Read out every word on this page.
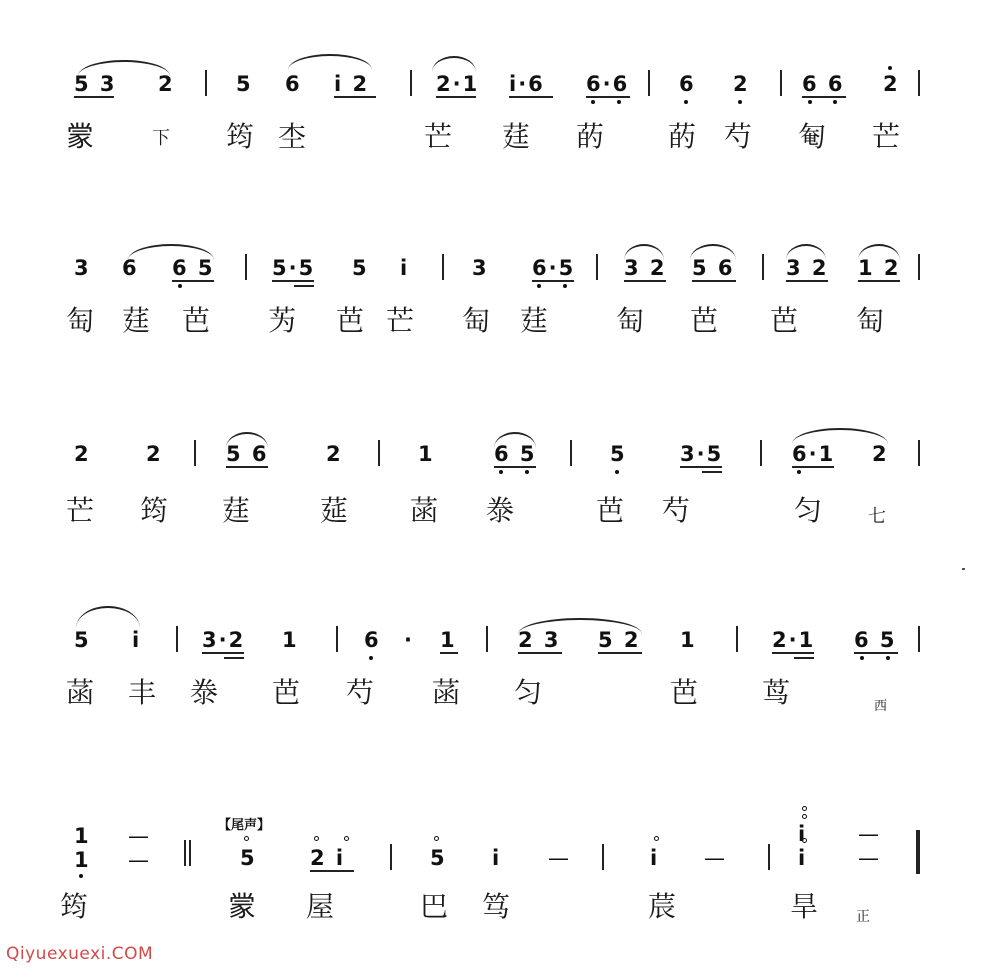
5 3 2	5 6 i 2	2·1 i·6 6·6 6 2 6 6 2
𫎇	下 筠 杢	芒 莛 菂 菂 芍 匎 芒
3 6 6 5	5·5 5 i	3 6·5 3 2 5 6 3 2 1 2
匋 莛 芭 𫇭 芭 芒 匋 莛 匋 芭 芭 匋
2	2	5 6	2	1	6 5	5	3·5	6·1 2
芒 筠 莛 莚 菡 𣳾	芭 芍	匀	七
5 i	3·2 1	6 · 1	2 3 5 2 1	2·1 6 5
菡 丰 𣳾 芭 芍 菡 匀	芭 茑	西
【尾声】
1 —
1 —	5	2 i	5 i —	i —
i —
i —
筠	𫎇 屋	巴 笃	莀	旱	正
Qiyuexuexi.COM
